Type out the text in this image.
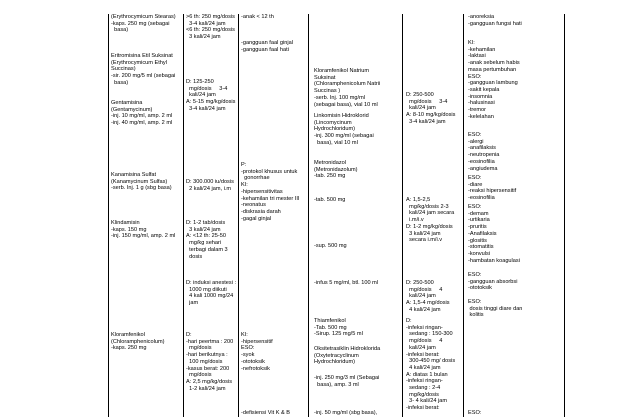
(Erythrocymicum Stearas)
-kaps. 250 mg (sebagai
basa)
Eritromisina Etil Suksinat
(Erythrocymicum Ethyl
Succinas)
-sir. 200 mg/5 ml (sebagai
basa)
Gentamisina
(Gentamycinum)
-inj. 10 mg/ml, amp. 2 ml
-inj. 40 mg/ml, amp. 2 ml
Kanamisina Sulfat
(Kanamycinum Sulfas)
-serb. Inj. 1 g (sbg basa)
Klindamisin
-kaps. 150 mg
-inj. 150 mg/ml, amp. 2 ml
Kloramfenikol
(Chloramphenicolum)
-kaps. 250 mg
>6 th: 250 mg/dosis
3-4 kali/24 jam
<6 th: 250 mg/dosis
3 kali/24 jam
D: 125-250
mg/dosis     3-4
kali/24 jam
A: 5-15 mg/kg/dosis
3-4 kali/24 jam
D: 300.000 iu/dosis
2 kali/24 jam, i.m
D: 1-2 tab/dosis
3 kali/24 jam
A: <12 th: 25-50
mg/kg sehari
terbagi dalam 3
dosis
D: induksi anestesi :
1000 mg diikuti
4 kali 1000 mg/24
jam
D:
-hari peertma : 200
mg/dosis
-hari berikutnya :
100 mg/dosis
-kasus berat: 200
mg/dosis
A: 2,5 mg/kg/dosis
1-2 kali/24 jam
-anak < 12 th
-gangguan faal ginjal
-gangguan faal hati
P:
-protokol khusus untuk
gonorrhae
KI:
-hipersensitivitas
-kehamilan tri mester III
-neonatus
-diskrasia darah
-gagal ginjal
KI:
-hipersensitif
ESO:
-syok
-ototoksik
-nefrotoksik
-defisiensi Vit K & B
Kloramfenikol Natrium
Suksinat
(Chloramphenicolum Natrii
Succinas )
-serb. Inj. 100 mg/ml
(sebagai basa), vial 10 ml
Linkomisin Hidroklorid
(Lincomycinum
Hydrochloridum)
-inj. 300 mg/ml (sebagai
basa), vial 10 ml
Metronidazol
(Metronidazolum)
-tab. 250 mg
-tab. 500 mg
-sup. 500 mg
-infus 5 mg/ml, btl. 100 ml
Thiamfenikol
-Tab. 500 mg
-Sirup. 125 mg/5 ml
Oksitetrasiklin Hidroklorida
(Oxytetracyclinum
Hydrochloridum)
-inj. 250 mg/3 ml (Sebagai
basa), amp. 3 ml
-inj. 50 mg/ml (sbg basa),
D: 250-500
mg/dosis     3-4
kali/24 jam
A: 8-10 mg/kg/dosis
3-4 kali/24 jam
A: 1,5-2,5
mg/kg/dosis 2-3
kali/24 jam secara
i.m/i.v
D: 1-2 mg/kg/dosis
3 kali/24 jam
secara i.m/i.v
D: 250-500
mg/dosis     4
kali/24 jam
A: 1,5-4 mg/dosis
4 kali/24 jam
D:
-infeksi ringan-
sedang : 150-300
mg/dosis     4
kali/24 jam
-infeksi berat:
300-450 mg/ dosis
4 kali/24 jam
A: diatas 1 bulan
-infeksi ringan-
sedang : 2-4
mg/kg/dosis
3- 4 kali/24 jam
-infeksi berat:
-anoreksia
-gangguan fungsi hati
KI:
-kehamilan
-laktasi
-anak sebelum habis
masa pertumbuhan
ESO:
-gangguan lambung
-sakit kepala
-insomnia
-halusinasi
-tremor
-kelelahan
ESO:
-alergi
-anafilaksis
-neutropenia
-eosinofilia
-angiudema
ESO:
-diare
-reaksi hipersensitif
-eosinofilia
ESO:
-demam
-urtikaria
-pruritis
-Anafilaksis
-glositis
-stomatitis
-konvulsi
-hambatan koagulasi
ESO:
-gangguan absorbsi
-ototoksik
ESO:
dosis tinggi diare dan
kolitis
ESO:
